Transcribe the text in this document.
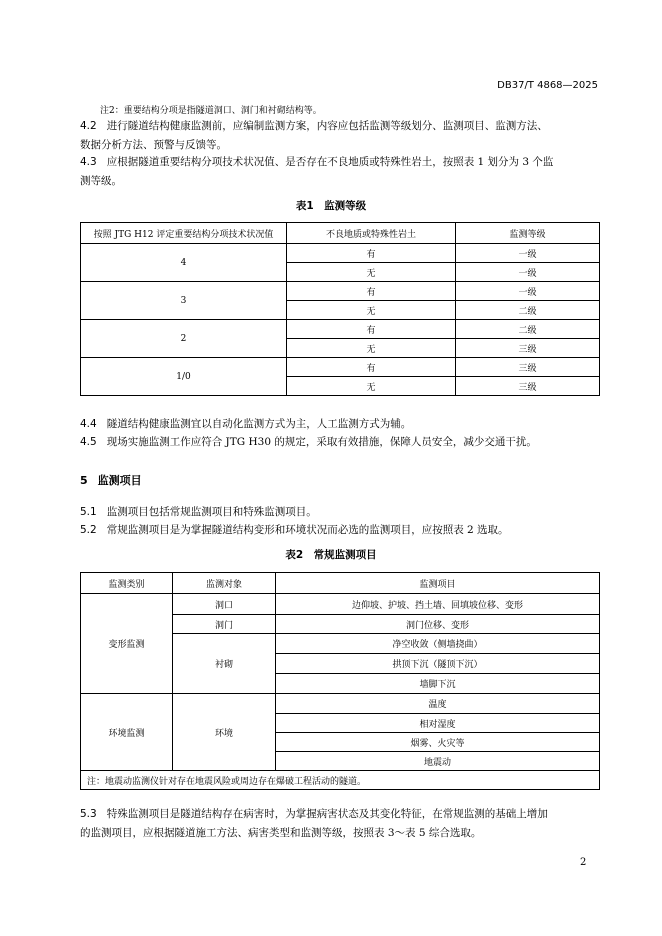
DB37/T 4868—2025
注2：重要结构分项是指隧道洞口、洞门和衬砌结构等。
4.2 进行隧道结构健康监测前，应编制监测方案，内容应包括监测等级划分、监测项目、监测方法、
数据分析方法、预警与反馈等。
4.3 应根据隧道重要结构分项技术状况值、是否存在不良地质或特殊性岩土，按照表 1 划分为 3 个监
测等级。
表1　监测等级
按照 JTG H12 评定重要结构分项技术状况值	不良地质或特殊性岩土	监测等级
4	有	一级
	无	一级
3	有	一级
	无	二级
2	有	二级
	无	三级
1/0	有	三级
	无	三级
4.4 隧道结构健康监测宜以自动化监测方式为主，人工监测方式为辅。
4.5 现场实施监测工作应符合 JTG H30 的规定，采取有效措施，保障人员安全，减少交通干扰。
5 监测项目
5.1 监测项目包括常规监测项目和特殊监测项目。
5.2 常规监测项目是为掌握隧道结构变形和环境状况而必选的监测项目，应按照表 2 选取。
表2　常规监测项目
监测类别	监测对象	监测项目
变形监测	洞口	边仰坡、护坡、挡土墙、回填坡位移、变形
	洞门	洞门位移、变形
	衬砌	净空收敛（侧墙挠曲）
		拱顶下沉（隧顶下沉）
		墙脚下沉
环境监测	环境	温度
		相对湿度
		烟雾、火灾等
		地震动
注：地震动监测仪针对存在地震风险或周边存在爆破工程活动的隧道。		
5.3 特殊监测项目是隧道结构存在病害时，为掌握病害状态及其变化特征，在常规监测的基础上增加
的监测项目，应根据隧道施工方法、病害类型和监测等级，按照表 3～表 5 综合选取。
2
